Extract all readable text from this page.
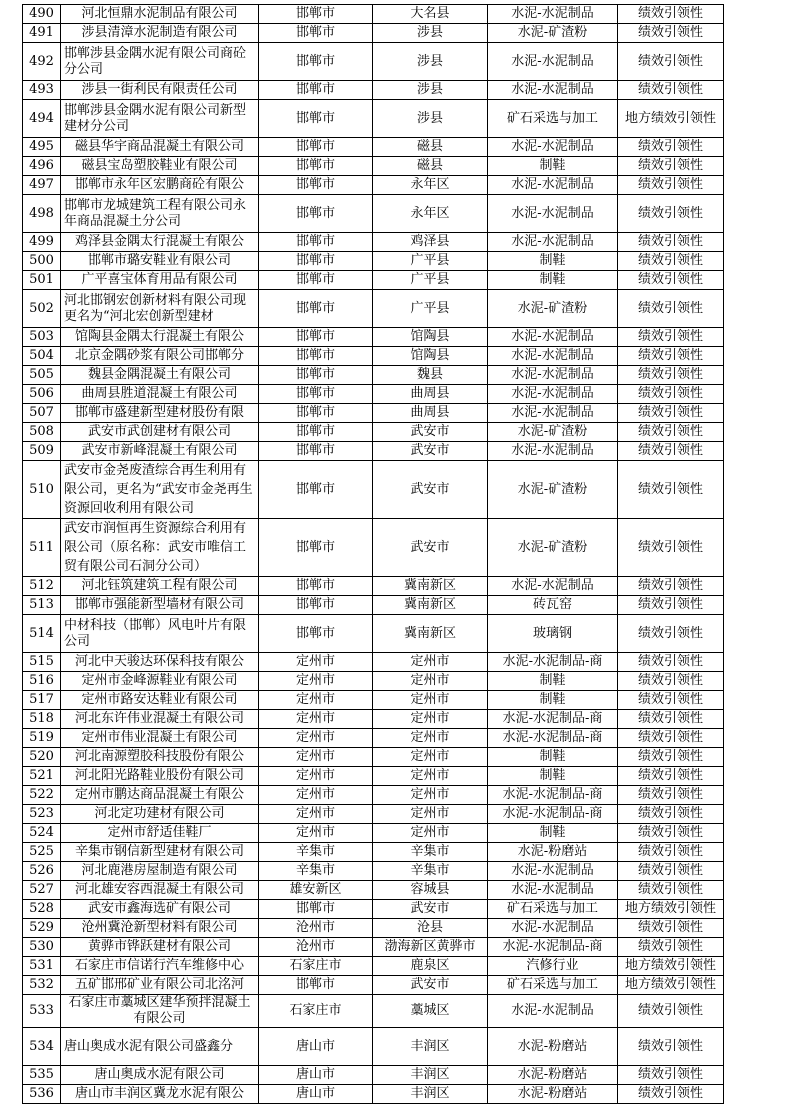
490	河北恒鼎水泥制品有限公司	邯郸市	大名县	水泥-水泥制品	绩效引领性
491	涉县清漳水泥制造有限公司	邯郸市	涉县	水泥-矿渣粉	绩效引领性
492	邯郸涉县金隅水泥有限公司商砼分公司	邯郸市	涉县	水泥-水泥制品	绩效引领性
493	涉县一街利民有限责任公司	邯郸市	涉县	水泥-水泥制品	绩效引领性
494	邯郸涉县金隅水泥有限公司新型建材分公司	邯郸市	涉县	矿石采选与加工	地方绩效引领性
495	磁县华宇商品混凝土有限公司	邯郸市	磁县	水泥-水泥制品	绩效引领性
496	磁县宝岛塑胶鞋业有限公司	邯郸市	磁县	制鞋	绩效引领性
497	邯郸市永年区宏鹏商砼有限公	邯郸市	永年区	水泥-水泥制品	绩效引领性
498	邯郸市龙城建筑工程有限公司永年商品混凝土分公司	邯郸市	永年区	水泥-水泥制品	绩效引领性
499	鸡泽县金隅太行混凝土有限公	邯郸市	鸡泽县	水泥-水泥制品	绩效引领性
500	邯郸市璐安鞋业有限公司	邯郸市	广平县	制鞋	绩效引领性
501	广平喜宝体育用品有限公司	邯郸市	广平县	制鞋	绩效引领性
502	河北邯钢宏创新材料有限公司现更名为“河北宏创新型建材	邯郸市	广平县	水泥-矿渣粉	绩效引领性
503	馆陶县金隅太行混凝土有限公	邯郸市	馆陶县	水泥-水泥制品	绩效引领性
504	北京金隅砂浆有限公司邯郸分	邯郸市	馆陶县	水泥-水泥制品	绩效引领性
505	魏县金隅混凝土有限公司	邯郸市	魏县	水泥-水泥制品	绩效引领性
506	曲周县胜道混凝土有限公司	邯郸市	曲周县	水泥-水泥制品	绩效引领性
507	邯郸市盛建新型建材股份有限	邯郸市	曲周县	水泥-水泥制品	绩效引领性
508	武安市武创建材有限公司	邯郸市	武安市	水泥-矿渣粉	绩效引领性
509	武安市新峰混凝土有限公司	邯郸市	武安市	水泥-水泥制品	绩效引领性
510	武安市金尧废渣综合再生利用有限公司，更名为“武安市金尧再生资源回收利用有限公司	邯郸市	武安市	水泥-矿渣粉	绩效引领性
511	武安市润恒再生资源综合利用有限公司（原名称：武安市唯信工贸有限公司石洞分公司）	邯郸市	武安市	水泥-矿渣粉	绩效引领性
512	河北钰筑建筑工程有限公司	邯郸市	冀南新区	水泥-水泥制品	绩效引领性
513	邯郸市强能新型墙材有限公司	邯郸市	冀南新区	砖瓦窑	绩效引领性
514	中材科技（邯郸）风电叶片有限公司	邯郸市	冀南新区	玻璃钢	绩效引领性
515	河北中天骏达环保科技有限公	定州市	定州市	水泥-水泥制品-商	绩效引领性
516	定州市金峰源鞋业有限公司	定州市	定州市	制鞋	绩效引领性
517	定州市路安达鞋业有限公司	定州市	定州市	制鞋	绩效引领性
518	河北东许伟业混凝土有限公司	定州市	定州市	水泥-水泥制品-商	绩效引领性
519	定州市伟业混凝土有限公司	定州市	定州市	水泥-水泥制品-商	绩效引领性
520	河北南源塑胶科技股份有限公	定州市	定州市	制鞋	绩效引领性
521	河北阳光路鞋业股份有限公司	定州市	定州市	制鞋	绩效引领性
522	定州市鹏达商品混凝土有限公	定州市	定州市	水泥-水泥制品-商	绩效引领性
523	河北定功建材有限公司	定州市	定州市	水泥-水泥制品-商	绩效引领性
524	定州市舒适佳鞋厂	定州市	定州市	制鞋	绩效引领性
525	辛集市钢信新型建材有限公司	辛集市	辛集市	水泥-粉磨站	绩效引领性
526	河北鹿港房屋制造有限公司	辛集市	辛集市	水泥-水泥制品	绩效引领性
527	河北雄安容西混凝土有限公司	雄安新区	容城县	水泥-水泥制品	绩效引领性
528	武安市鑫海选矿有限公司	邯郸市	武安市	矿石采选与加工	地方绩效引领性
529	沧州冀沧新型材料有限公司	沧州市	沧县	水泥-水泥制品	绩效引领性
530	黄骅市铧跃建材有限公司	沧州市	渤海新区黄骅市	水泥-水泥制品-商	绩效引领性
531	石家庄市信诺行汽车维修中心	石家庄市	鹿泉区	汽修行业	地方绩效引领性
532	五矿邯邢矿业有限公司北洺河	邯郸市	武安市	矿石采选与加工	地方绩效引领性
533	石家庄市藁城区建华预拌混凝土有限公司	石家庄市	藁城区	水泥-水泥制品	绩效引领性
534	唐山奥成水泥有限公司盛鑫分	唐山市	丰润区	水泥-粉磨站	绩效引领性
535	唐山奥成水泥有限公司	唐山市	丰润区	水泥-粉磨站	绩效引领性
536	唐山市丰润区冀龙水泥有限公	唐山市	丰润区	水泥-粉磨站	绩效引领性
